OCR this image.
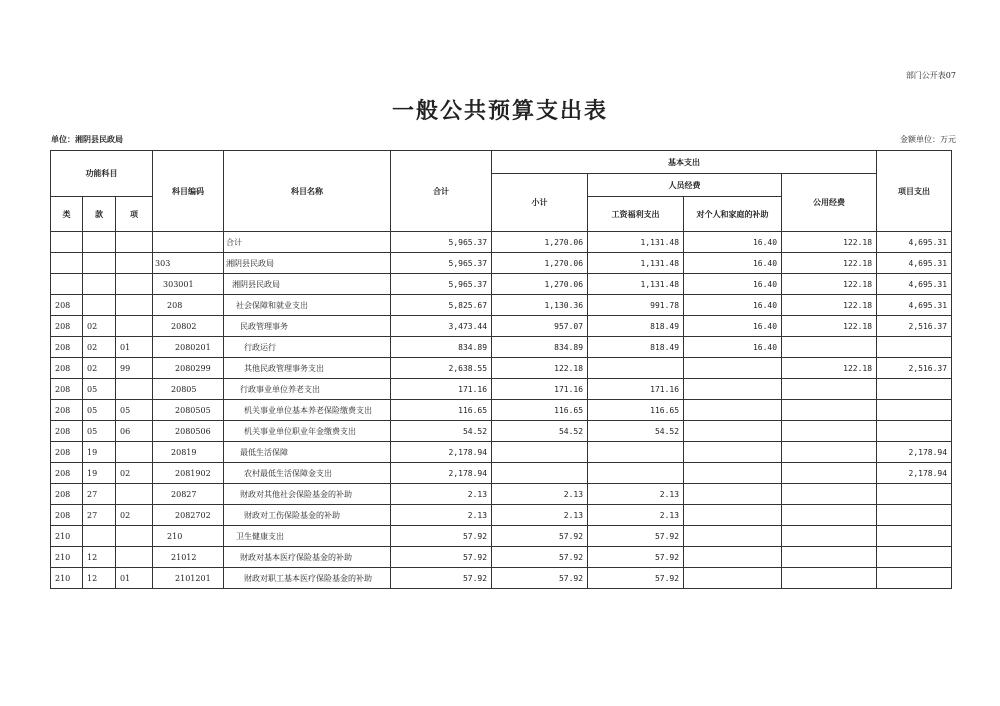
部门公开表07
一般公共预算支出表
单位：湘阴县民政局	金额单位：万元
功能科目			科目编码	科目名称	合计	基本支出				项目支出
						小计	人员经费		公用经费	
类	款	项					工资福利支出	对个人和家庭的补助		
				合计	5,965.37	1,270.06	1,131.48	16.40	122.18	4,695.31
			303	湘阴县民政局	5,965.37	1,270.06	1,131.48	16.40	122.18	4,695.31
			303001	湘阴县民政局	5,965.37	1,270.06	1,131.48	16.40	122.18	4,695.31
208			208	社会保障和就业支出	5,825.67	1,130.36	991.78	16.40	122.18	4,695.31
208	02		20802	民政管理事务	3,473.44	957.07	818.49	16.40	122.18	2,516.37
208	02	01	2080201	行政运行	834.89	834.89	818.49	16.40		
208	02	99	2080299	其他民政管理事务支出	2,638.55	122.18			122.18	2,516.37
208	05		20805	行政事业单位养老支出	171.16	171.16	171.16			
208	05	05	2080505	机关事业单位基本养老保险缴费支出	116.65	116.65	116.65			
208	05	06	2080506	机关事业单位职业年金缴费支出	54.52	54.52	54.52			
208	19		20819	最低生活保障	2,178.94					2,178.94
208	19	02	2081902	农村最低生活保障金支出	2,178.94					2,178.94
208	27		20827	财政对其他社会保险基金的补助	2.13	2.13	2.13			
208	27	02	2082702	财政对工伤保险基金的补助	2.13	2.13	2.13			
210			210	卫生健康支出	57.92	57.92	57.92			
210	12		21012	财政对基本医疗保险基金的补助	57.92	57.92	57.92			
210	12	01	2101201	财政对职工基本医疗保险基金的补助	57.92	57.92	57.92			
